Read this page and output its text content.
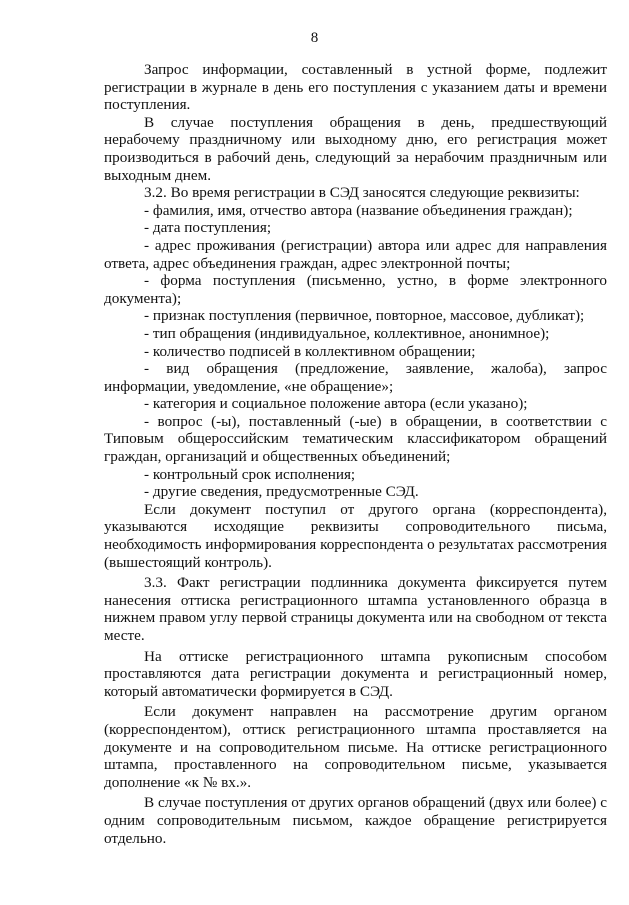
8

Запрос информации, составленный в устной форме, подлежит регистрации в журнале в день его поступления с указанием даты и времени поступления.

В случае поступления обращения в день, предшествующий нерабочему праздничному или выходному дню, его регистрация может производиться в рабочий день, следующий за нерабочим праздничным или выходным днем.

3.2. Во время регистрации в СЭД заносятся следующие реквизиты:

- фамилия, имя, отчество автора (название объединения граждан);

- дата поступления;

- адрес проживания (регистрации) автора или адрес для направления ответа, адрес объединения граждан, адрес электронной почты;

- форма поступления (письменно, устно, в форме электронного документа);

- признак поступления (первичное, повторное, массовое, дубликат);

- тип обращения (индивидуальное, коллективное, анонимное);

- количество подписей в коллективном обращении;

- вид обращения (предложение, заявление, жалоба), запрос информации, уведомление, «не обращение»;

- категория и социальное положение автора (если указано);

- вопрос (-ы), поставленный (-ые) в обращении, в соответствии с Типовым общероссийским тематическим классификатором обращений граждан, организаций и общественных объединений;

- контрольный срок исполнения;

- другие сведения, предусмотренные СЭД.

Если документ поступил от другого органа (корреспондента), указываются исходящие реквизиты сопроводительного письма, необходимость информирования корреспондента о результатах рассмотрения (вышестоящий контроль).

3.3. Факт регистрации подлинника документа фиксируется путем нанесения оттиска регистрационного штампа установленного образца в нижнем правом углу первой страницы документа или на свободном от текста месте.

На оттиске регистрационного штампа рукописным способом проставляются дата регистрации документа и регистрационный номер, который автоматически формируется в СЭД.

Если документ направлен на рассмотрение другим органом (корреспондентом), оттиск регистрационного штампа проставляется на документе и на сопроводительном письме. На оттиске регистрационного штампа, проставленного на сопроводительном письме, указывается дополнение «к № вх.».

В случае поступления от других органов обращений (двух или более) с одним сопроводительным письмом, каждое обращение регистрируется отдельно.
